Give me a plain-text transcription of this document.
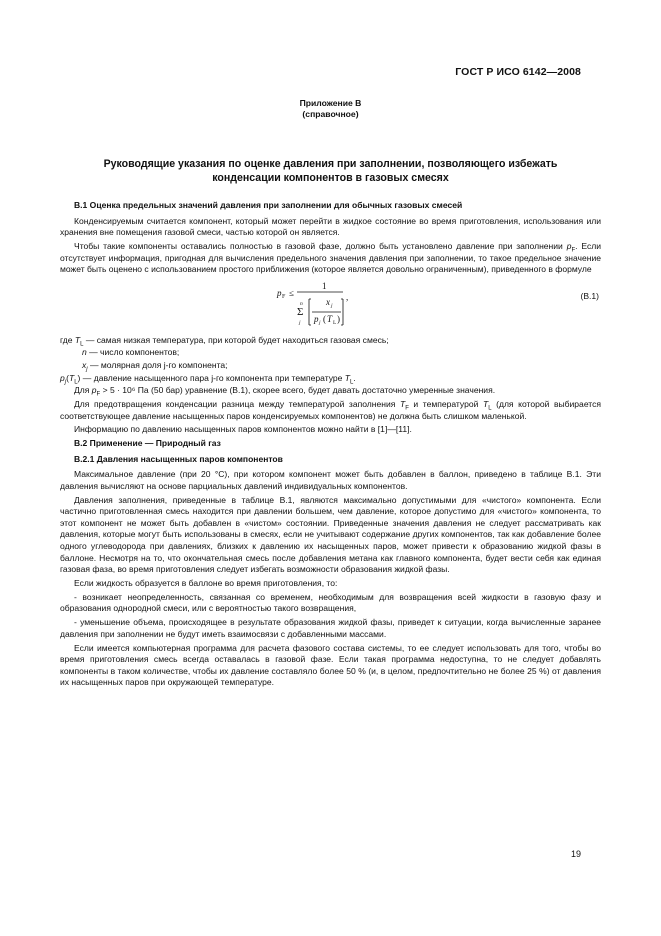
ГОСТ Р ИСО 6142—2008
Приложение В
(справочное)
Руководящие указания по оценке давления при заполнении, позволяющего избежать
конденсации компонентов в газовых смесях
В.1 Оценка предельных значений давления при заполнении для обычных газовых смесей

Конденсируемым считается компонент, который может перейти в жидкое состояние во время приготовления, использования или хранения вне помещения газовой смеси, частью которой он является.

Чтобы такие компоненты оставались полностью в газовой фазе, должно быть установлено давление при заполнении $p_F$. Если отсутствует информация, пригодная для вычисления предельного значения давления при заполнении, то такое предельное значение может быть оценено с использованием простого приближения (которое является довольно ограниченным), приведенного в формуле

p F ≤
1
Σ
n
j
x j
p j ( T L )
,	(В.1)
где $T_L$ — самая низкая температура, при которой будет находиться газовая смесь;
n — число компонентов;
$x_j$ — молярная доля j-го компонента;
$p_j(T_L)$ — давление насыщенного пара j-го компонента при температуре $T_L$.

Для $p_F > 5 \cdot 10^6$ Па (50 бар) уравнение (В.1), скорее всего, будет давать достаточно умеренные значения.

Для предотвращения конденсации разница между температурой заполнения $T_F$ и температурой $T_L$ (для которой выбирается соответствующее давление насыщенных паров конденсируемых компонентов) не должна быть слишком маленькой.

Информацию по давлению насыщенных паров компонентов можно найти в [1]—[11].

В.2 Применение — Природный газ
В.2.1 Давления насыщенных паров компонентов

Максимальное давление (при 20 °С), при котором компонент может быть добавлен в баллон, приведено в таблице В.1. Эти давления вычисляют на основе парциальных давлений индивидуальных компонентов.

Давления заполнения, приведенные в таблице В.1, являются максимально допустимыми для «чистого» компонента. Если частично приготовленная смесь находится при давлении большем, чем давление, которое допустимо для «чистого» компонента, то этот компонент не может быть добавлен в «чистом» состоянии. Приведенные значения давления не следует рассматривать как давления, которые могут быть использованы в смесях, если не учитывают содержание других компонентов, так как добавление более одного углеводорода при давлениях, близких к давлению их насыщенных паров, может привести к образованию жидкой фазы в баллоне. Несмотря на то, что окончательная смесь после добавления метана как главного компонента, будет вести себя как единая газовая фаза, во время приготовления следует избегать возможности образования жидкой фазы.

Если жидкость образуется в баллоне во время приготовления, то:

- возникает неопределенность, связанная со временем, необходимым для возвращения всей жидкости в газовую фазу и образования однородной смеси, или с вероятностью такого возвращения,

- уменьшение объема, происходящее в результате образования жидкой фазы, приведет к ситуации, когда вычисленные заранее давления при заполнении не будут иметь взаимосвязи с добавленными массами.

Если имеется компьютерная программа для расчета фазового состава системы, то ее следует использовать для того, чтобы во время приготовления смесь всегда оставалась в газовой фазе. Если такая программа недоступна, то не следует добавлять компоненты в таком количестве, чтобы их давление составляло более 50 % (и, в целом, предпочтительно не более 25 %) от давления их насыщенных паров при окружающей температуре.

19
